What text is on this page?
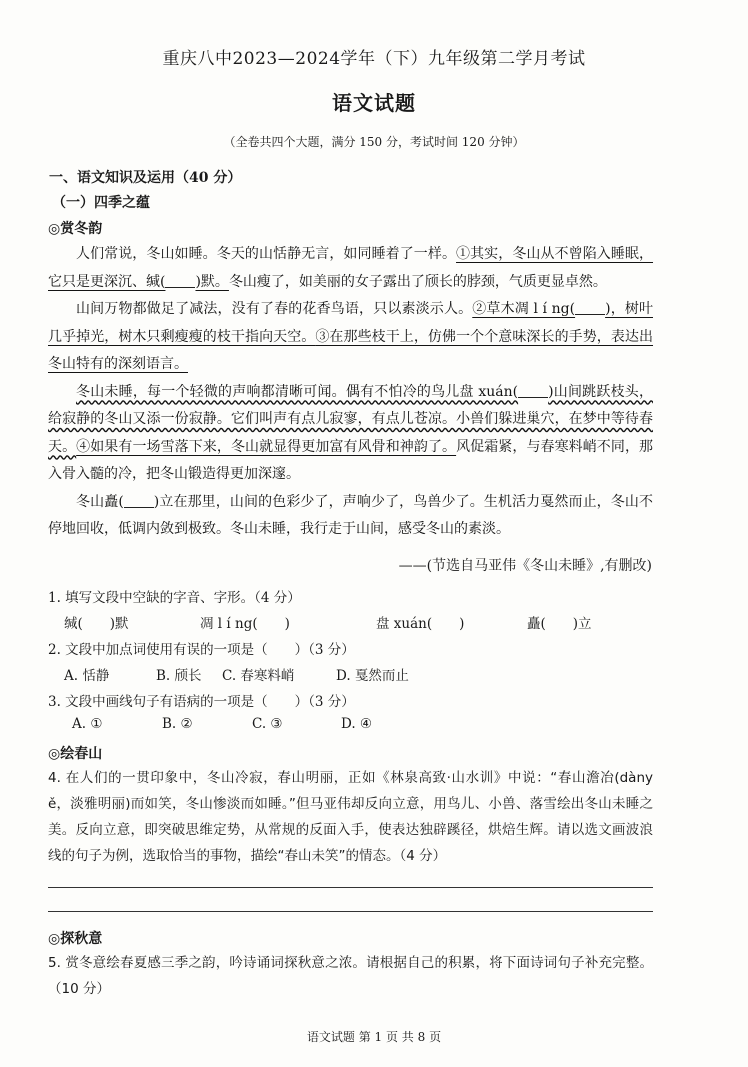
重庆八中2023—2024学年（下）九年级第二学月考试
语文试题
（全卷共四个大题，满分 150 分，考试时间 120 分钟）
一、语文知识及运用（40 分）
（一）四季之蕴
◎赏冬韵

人们常说，冬山如睡。冬天的山恬静无言，如同睡着了一样。①其实，冬山从不曾陷入睡眠，它只是更深沉、缄( )默。冬山瘦了，如美丽的女子露出了颀长的脖颈，气质更显卓然。

山间万物都做足了减法，没有了春的花香鸟语，只以素淡示人。②草木凋 l í ng( )，树叶几乎掉光，树木只剩瘦瘦的枝干指向天空。③在那些枝干上，仿佛一个个意味深长的手势，表达出冬山特有的深刻语言。

冬山未睡，每一个轻微的声响都清晰可闻。偶有不怕冷的鸟儿盘 xuán( )山间跳跃枝头，给寂静的冬山又添一份寂静。它们叫声有点儿寂寥，有点儿苍凉。小兽们躲进巢穴，在梦中等待春天。④如果有一场雪落下来，冬山就显得更加富有风骨和神韵了。风促霜紧，与春寒料峭不同，那入骨入髓的冷，把冬山锻造得更加深邃。

冬山矗( )立在那里，山间的色彩少了，声响少了，鸟兽少了。生机活力戛然而止，冬山不停地回收，低调内敛到极致。冬山未睡，我行走于山间，感受冬山的素淡。

——(节选自马亚伟《冬山未睡》,有删改)
1. 填写文段中空缺的字音、字形。（4 分）
缄(　　)默	凋 l í ng(　　)	盘 xuán(　　)	矗(　　)立
2. 文段中加点词使用有误的一项是（　　）（3 分）
A. 恬静	B. 颀长 C. 春寒料峭	D. 戛然而止
3. 文段中画线句子有语病的一项是（　　）（3 分）
A. ①	B. ②	C. ③	D. ④
◎绘春山
4. 在人们的一贯印象中，冬山冷寂，春山明丽，正如《林泉高致·山水训》中说：“春山澹冶(dàny ě，淡雅明丽)而如笑，冬山惨淡而如睡。”但马亚伟却反向立意，用鸟儿、小兽、落雪绘出冬山未睡之美。反向立意，即突破思维定势，从常规的反面入手，使表达独辟蹊径，烘焙生辉。请以选文画波浪线的句子为例，选取恰当的事物，描绘“春山未笑”的情态。（4 分）
◎探秋意
5. 赏冬意绘春夏感三季之韵，吟诗诵词探秋意之浓。请根据自己的积累，将下面诗词句子补充完整。（10 分）
语文试题 第 1 页 共 8 页
